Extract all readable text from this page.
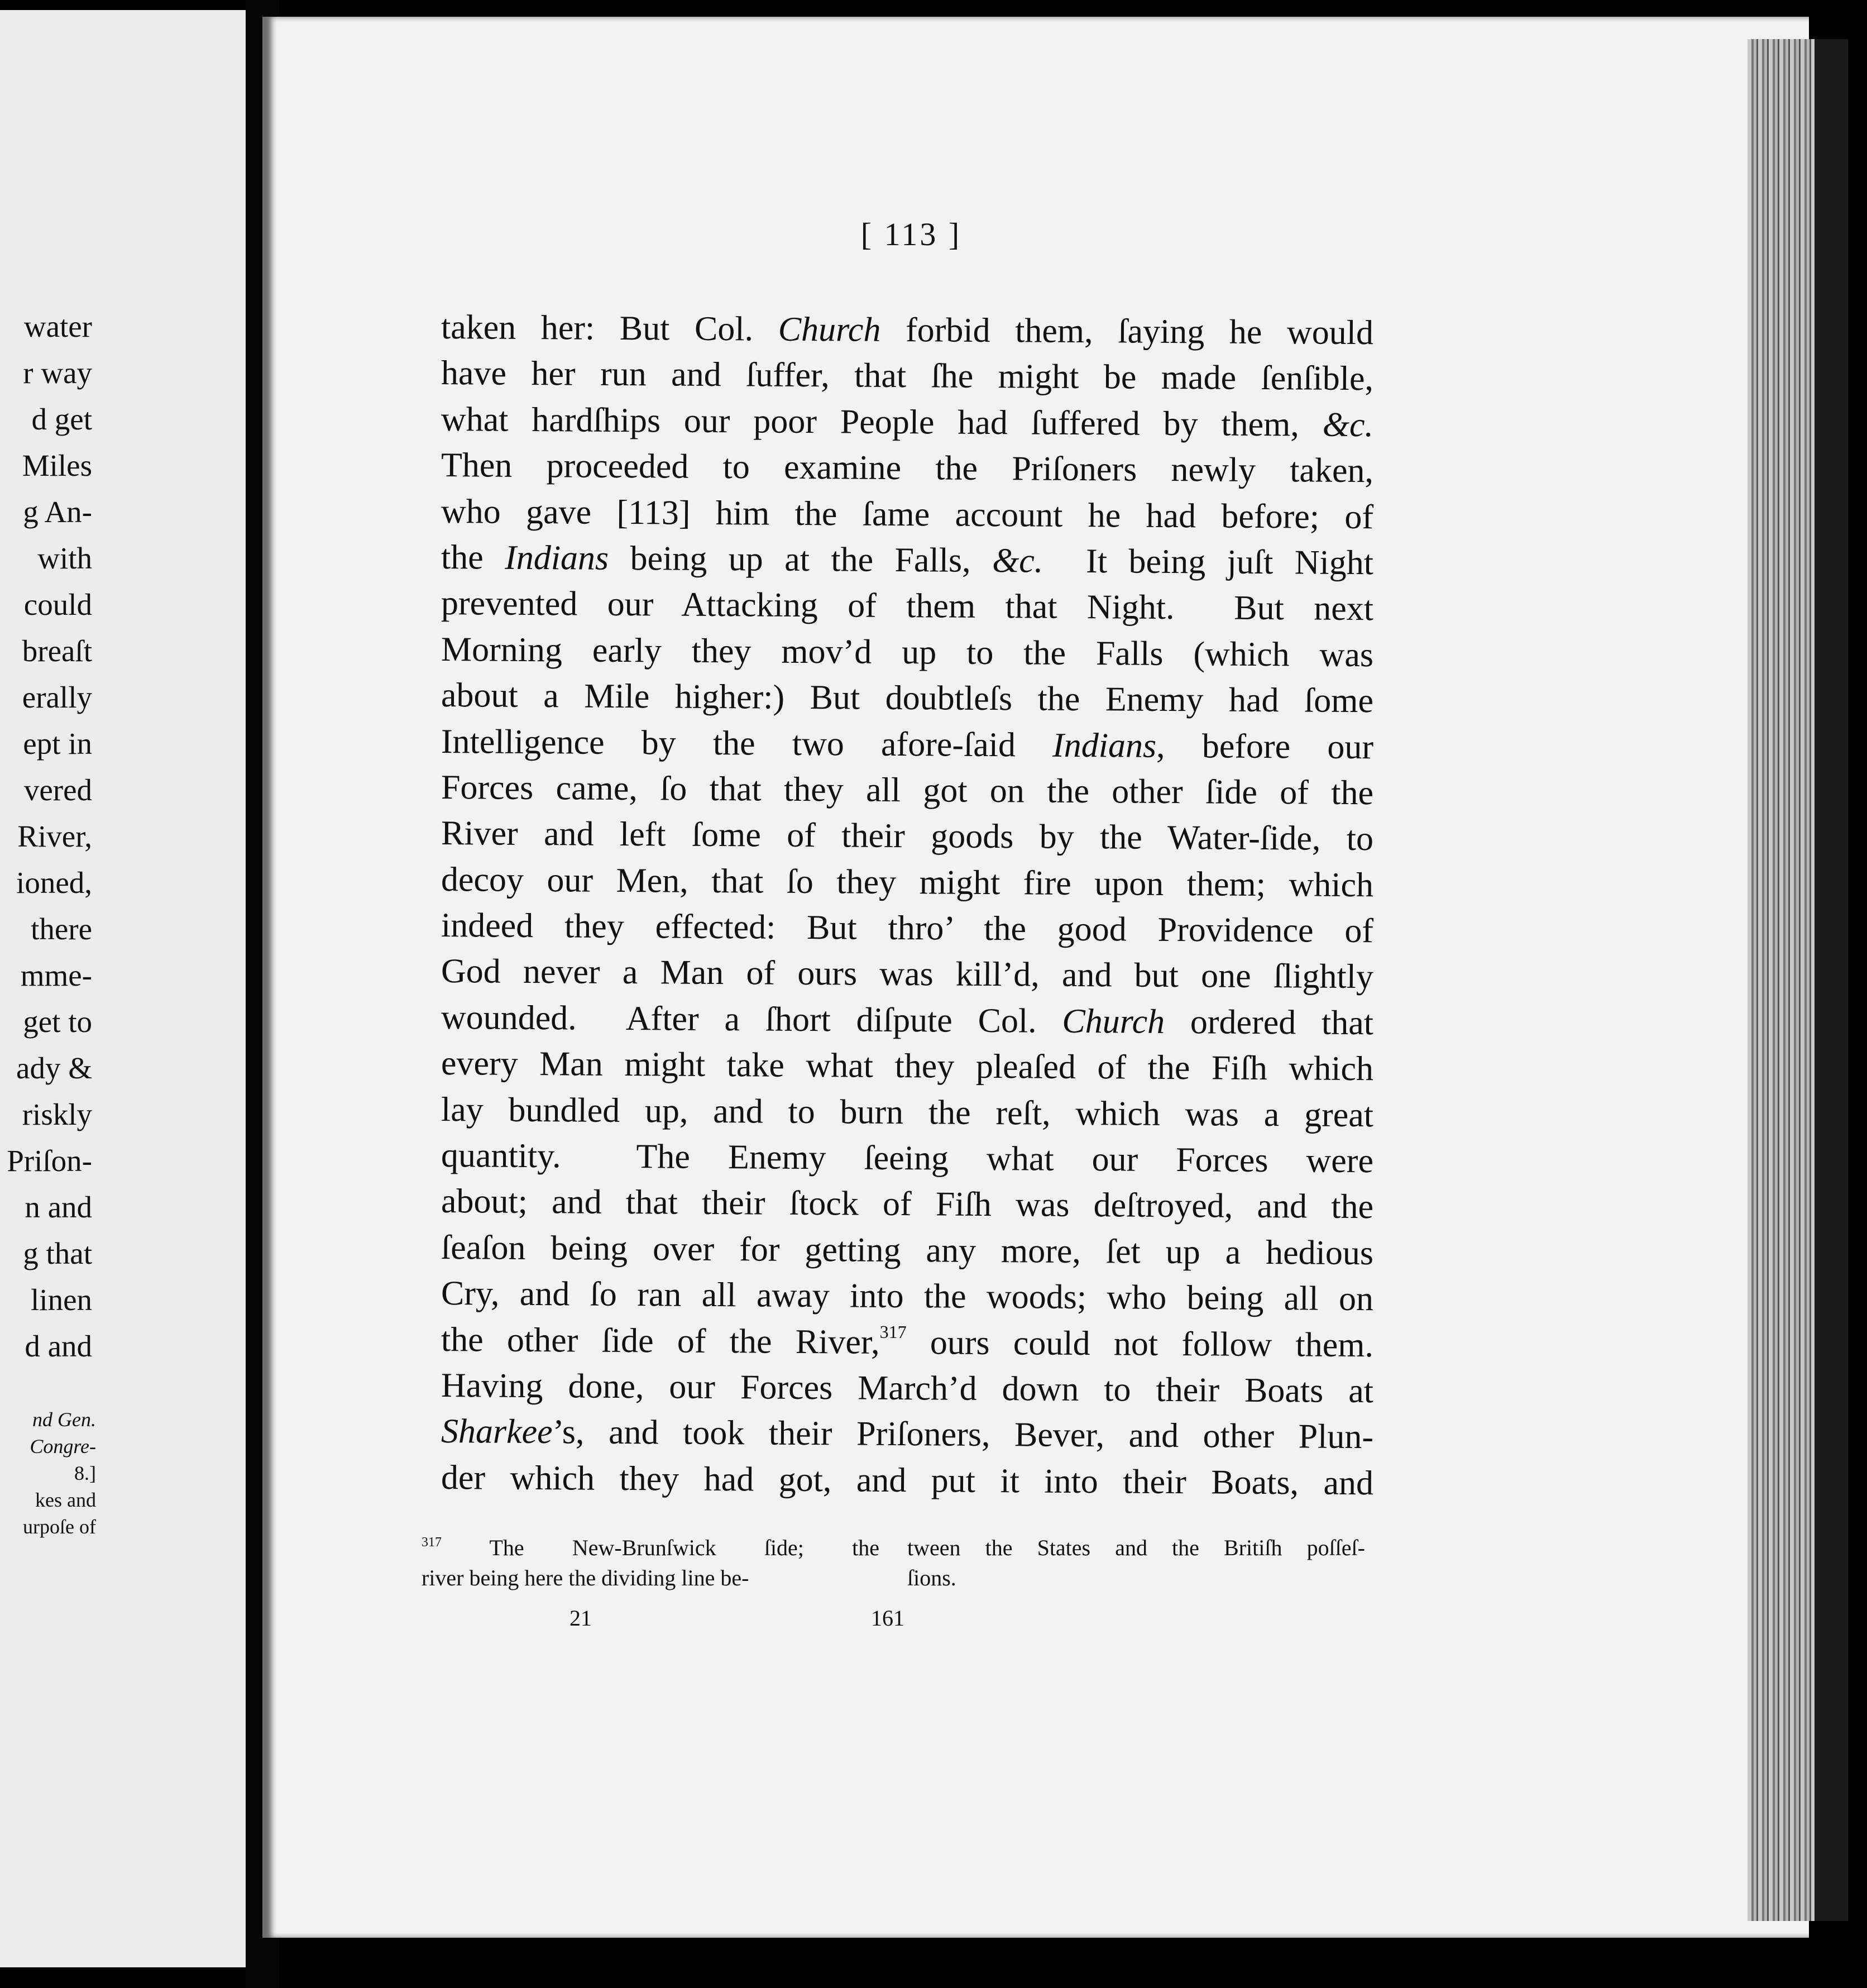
water
r way
d get
Miles
g An-
with
could
breaſt
erally
ept in
vered
River,
ioned,
there
mme-
get to
ady &
riskly
Priſon-
n and
g that
linen
d and
nd Gen.
Congre-
8.]
kes and
urpoſe of
[ 113 ]
taken her: But Col. Church forbid them, ſaying he would
have her run and ſuffer, that ſhe might be made ſenſible,
what hardſhips our poor People had ſuffered by them, &c.
Then proceeded to examine the Priſoners newly taken,
who gave [113] him the ſame account he had before; of
the Indians being up at the Falls, &c.  It being juſt Night
prevented our Attacking of them that Night.  But next
Morning early they mov’d up to the Falls (which was
about a Mile higher:) But doubtleſs the Enemy had ſome
Intelligence by the two afore-ſaid Indians, before our
Forces came, ſo that they all got on the other ſide of the
River and left ſome of their goods by the Water-ſide, to
decoy our Men, that ſo they might fire upon them; which
indeed they effected: But thro’ the good Providence of
God never a Man of ours was kill’d, and but one ſlightly
wounded.  After a ſhort diſpute Col. Church ordered that
every Man might take what they pleaſed of the Fiſh which
lay bundled up, and to burn the reſt, which was a great
quantity.  The Enemy ſeeing what our Forces were
about; and that their ſtock of Fiſh was deſtroyed, and the
ſeaſon being over for getting any more, ſet up a hedious
Cry, and ſo ran all away into the woods; who being all on
the other ſide of the River,$^{317}$ ours could not follow them.
Having done, our Forces March’d down to their Boats at
Sharkee’s, and took their Priſoners, Bever, and other Plun-
der which they had got, and put it into their Boats, and
$^{317}$ The New-Brunſwick ſide; the
river being here the dividing line be-
tween the States and the Britiſh poſſeſ-
ſions.
21	161
